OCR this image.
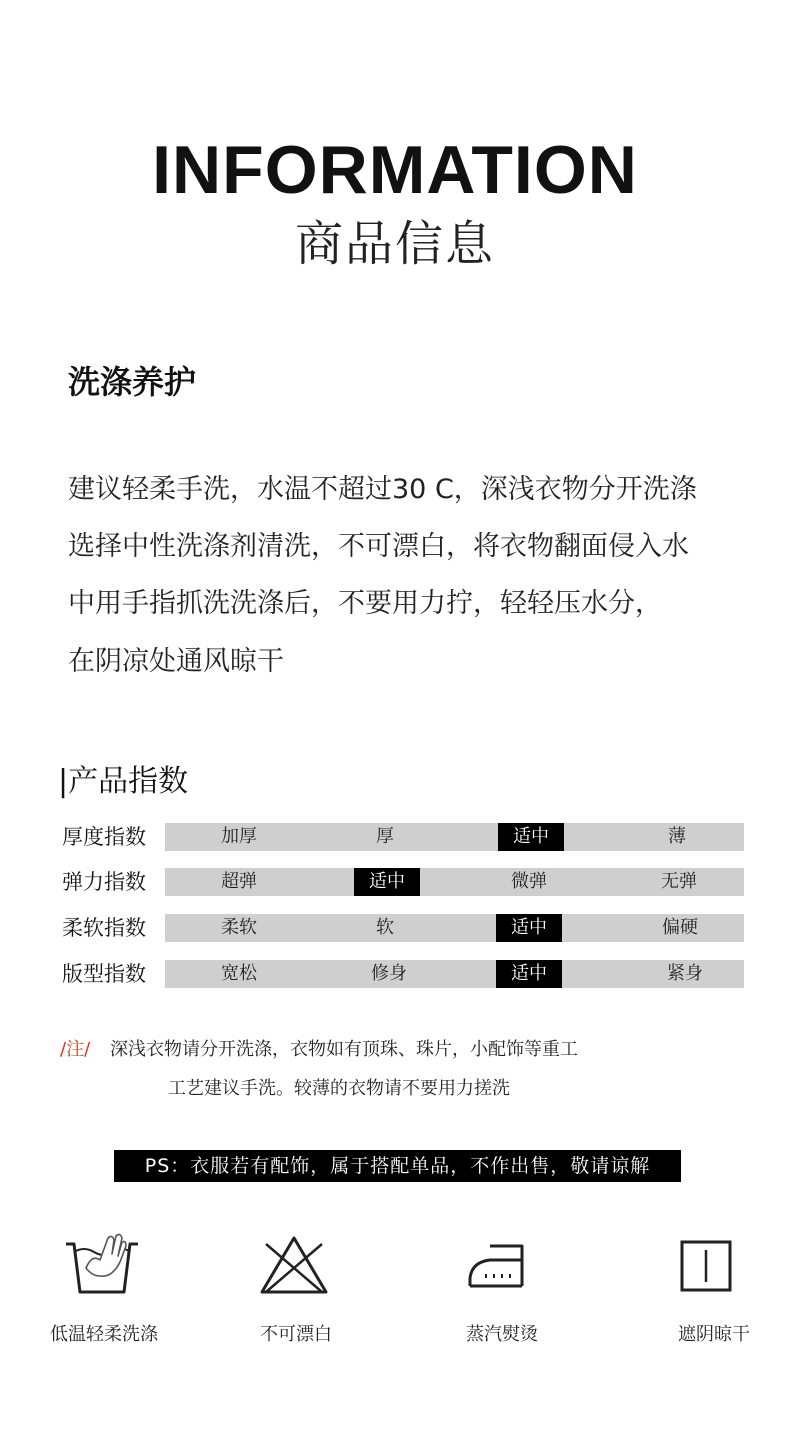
INFORMATION
商品信息
洗涤养护
建议轻柔手洗，水温不超过30 C，深浅衣物分开洗涤
选择中性洗涤剂清洗，不可漂白，将衣物翻面侵入水
中用手指抓洗洗涤后，不要用力拧，轻轻压水分，
在阴凉处通风晾干
|产品指数
厚度指数	加厚	厚	适中	薄
弹力指数	超弹	适中	微弹	无弹
柔软指数	柔软	软	适中	偏硬
版型指数	宽松	修身	适中	紧身
/注/ 深浅衣物请分开洗涤，衣物如有顶珠、珠片，小配饰等重工
工艺建议手洗。较薄的衣物请不要用力搓洗
PS：衣服若有配饰，属于搭配单品，不作出售，敬请谅解
低温轻柔洗涤	不可漂白	蒸汽熨烫	遮阴晾干
